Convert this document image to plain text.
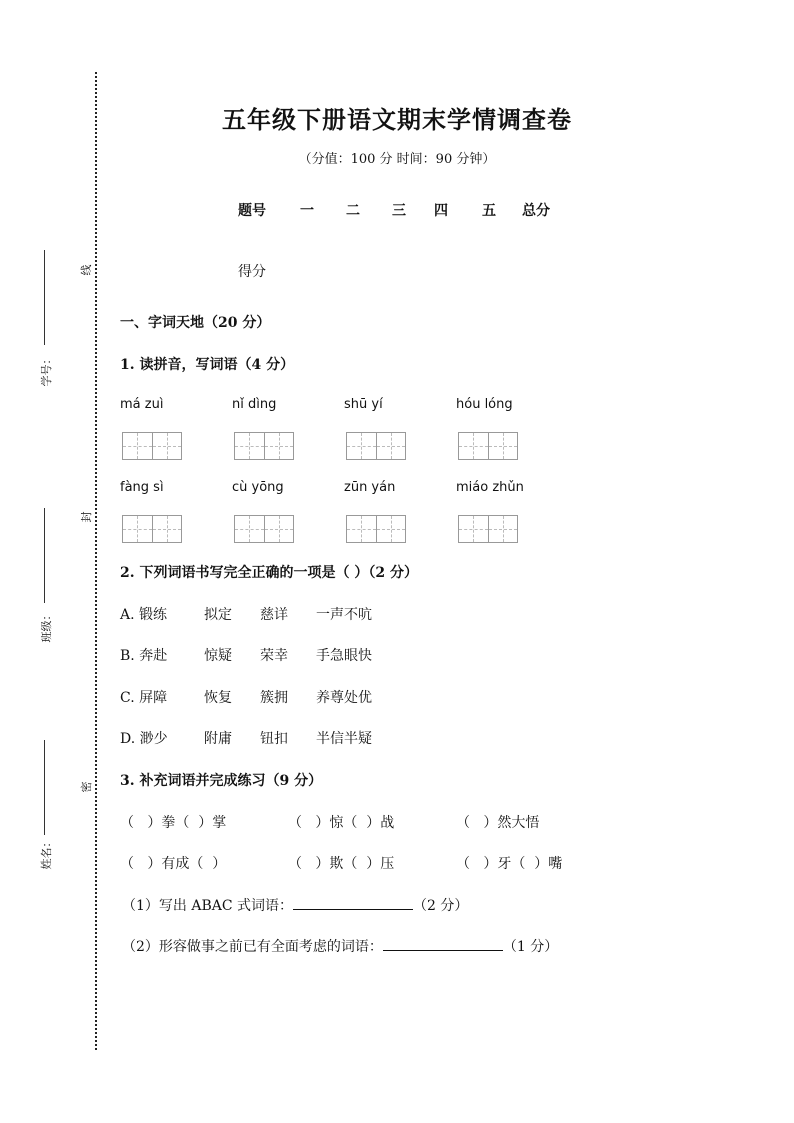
线
封
密
学号：
班级：
姓名：
五年级下册语文期末学情调查卷
（分值：100 分 时间：90 分钟）
题号	一	二	三	四	五	总分
得分
一、字词天地（20 分）
1. 读拼音，写词语（4 分）
má zuì	nǐ dìng	shū yí	hóu lóng
fàng sì	cù yōng	zūn yán	miáo zhǔn
2. 下列词语书写完全正确的一项是（ ）（2 分）
A. 锻练	拟定	慈详	一声不吭
B. 奔赴	惊疑	荣幸	手急眼快
C. 屏障	恢复	簇拥	养尊处优
D. 渺少	附庸	钮扣	半信半疑
3. 补充词语并完成练习（9 分）
（   ）拳（  ）掌	（   ）惊（  ）战	（   ）然大悟
（   ）有成（  ）	（   ）欺（  ）压	（   ）牙（  ）嘴
（1）写出 ABAC 式词语：	（2 分）
（2）形容做事之前已有全面考虑的词语：	（1 分）
